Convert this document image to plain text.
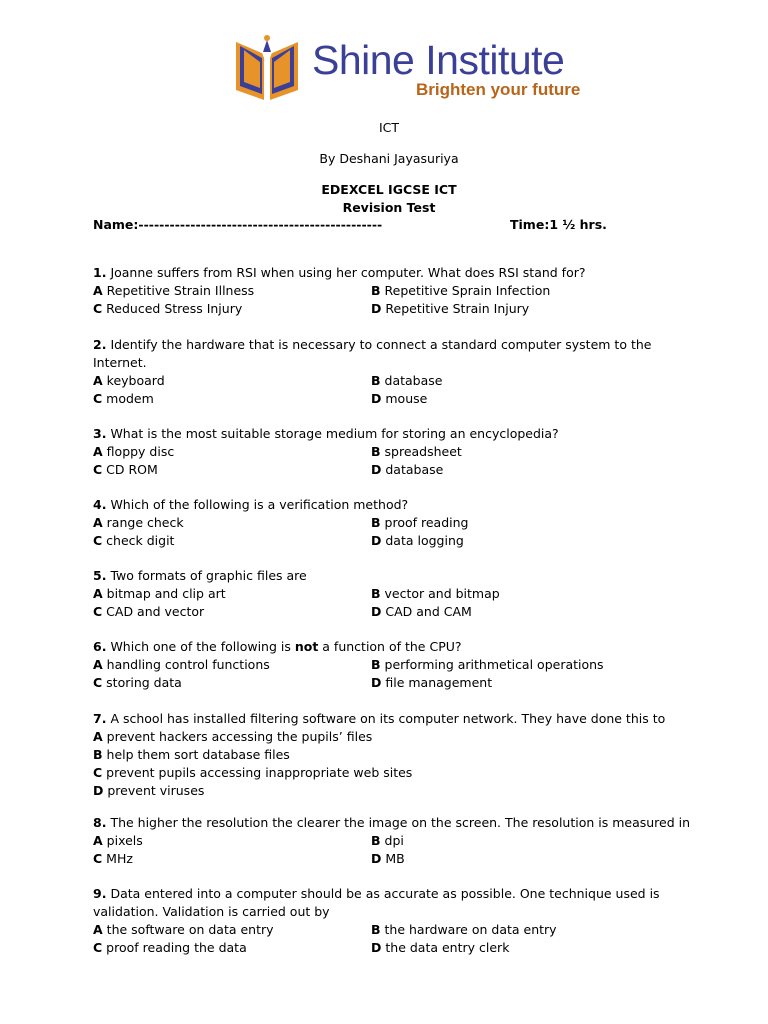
Shine Institute
Brighten your future
ICT
By Deshani Jayasuriya
EDEXCEL IGCSE ICT
Revision Test
Name:-----------------------------------------------	Time:1 ½ hrs.

1. Joanne suffers from RSI when using her computer. What does RSI stand for?

A Repetitive Strain Illness	B Repetitive Sprain Infection
C Reduced Stress Injury	D Repetitive Strain Injury

2. Identify the hardware that is necessary to connect a standard computer system to the

Internet.

A keyboard	B database
C modem	D mouse

3. What is the most suitable storage medium for storing an encyclopedia?

A floppy disc	B spreadsheet
C CD ROM	D database

4. Which of the following is a verification method?

A range check	B proof reading
C check digit	D data logging

5. Two formats of graphic files are

A bitmap and clip art	B vector and bitmap
C CAD and vector	D CAD and CAM

6. Which one of the following is not a function of the CPU?

A handling control functions	B performing arithmetical operations
C storing data	D file management

7. A school has installed filtering software on its computer network. They have done this to

A prevent hackers accessing the pupils’ files

B help them sort database files

C prevent pupils accessing inappropriate web sites

D prevent viruses

8. The higher the resolution the clearer the image on the screen. The resolution is measured in

A pixels	B dpi
C MHz	D MB

9. Data entered into a computer should be as accurate as possible. One technique used is

validation. Validation is carried out by

A the software on data entry	B the hardware on data entry
C proof reading the data	D the data entry clerk
